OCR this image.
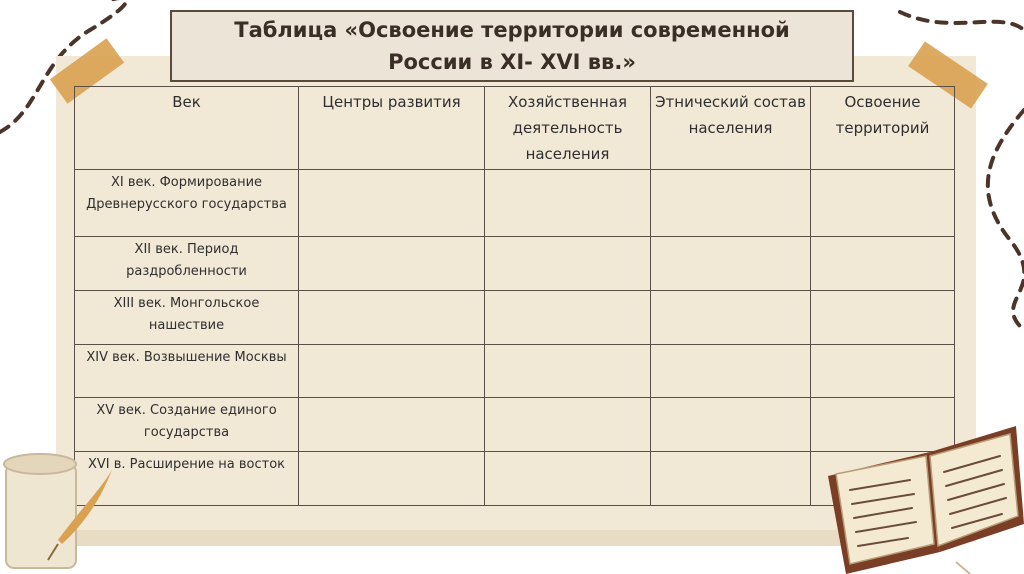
Таблица «Освоение территории современной
России в XI- XVI вв.»
Век	Центры развития	Хозяйственная деятельность населения	Этнический состав населения	Освоение территорий
XI век. Формирование Древнерусского государства				
XII век. Период раздробленности				
XIII век. Монгольское нашествие				
XIV век. Возвышение Москвы				
XV век. Создание единого государства				
XVI в. Расширение на восток				
